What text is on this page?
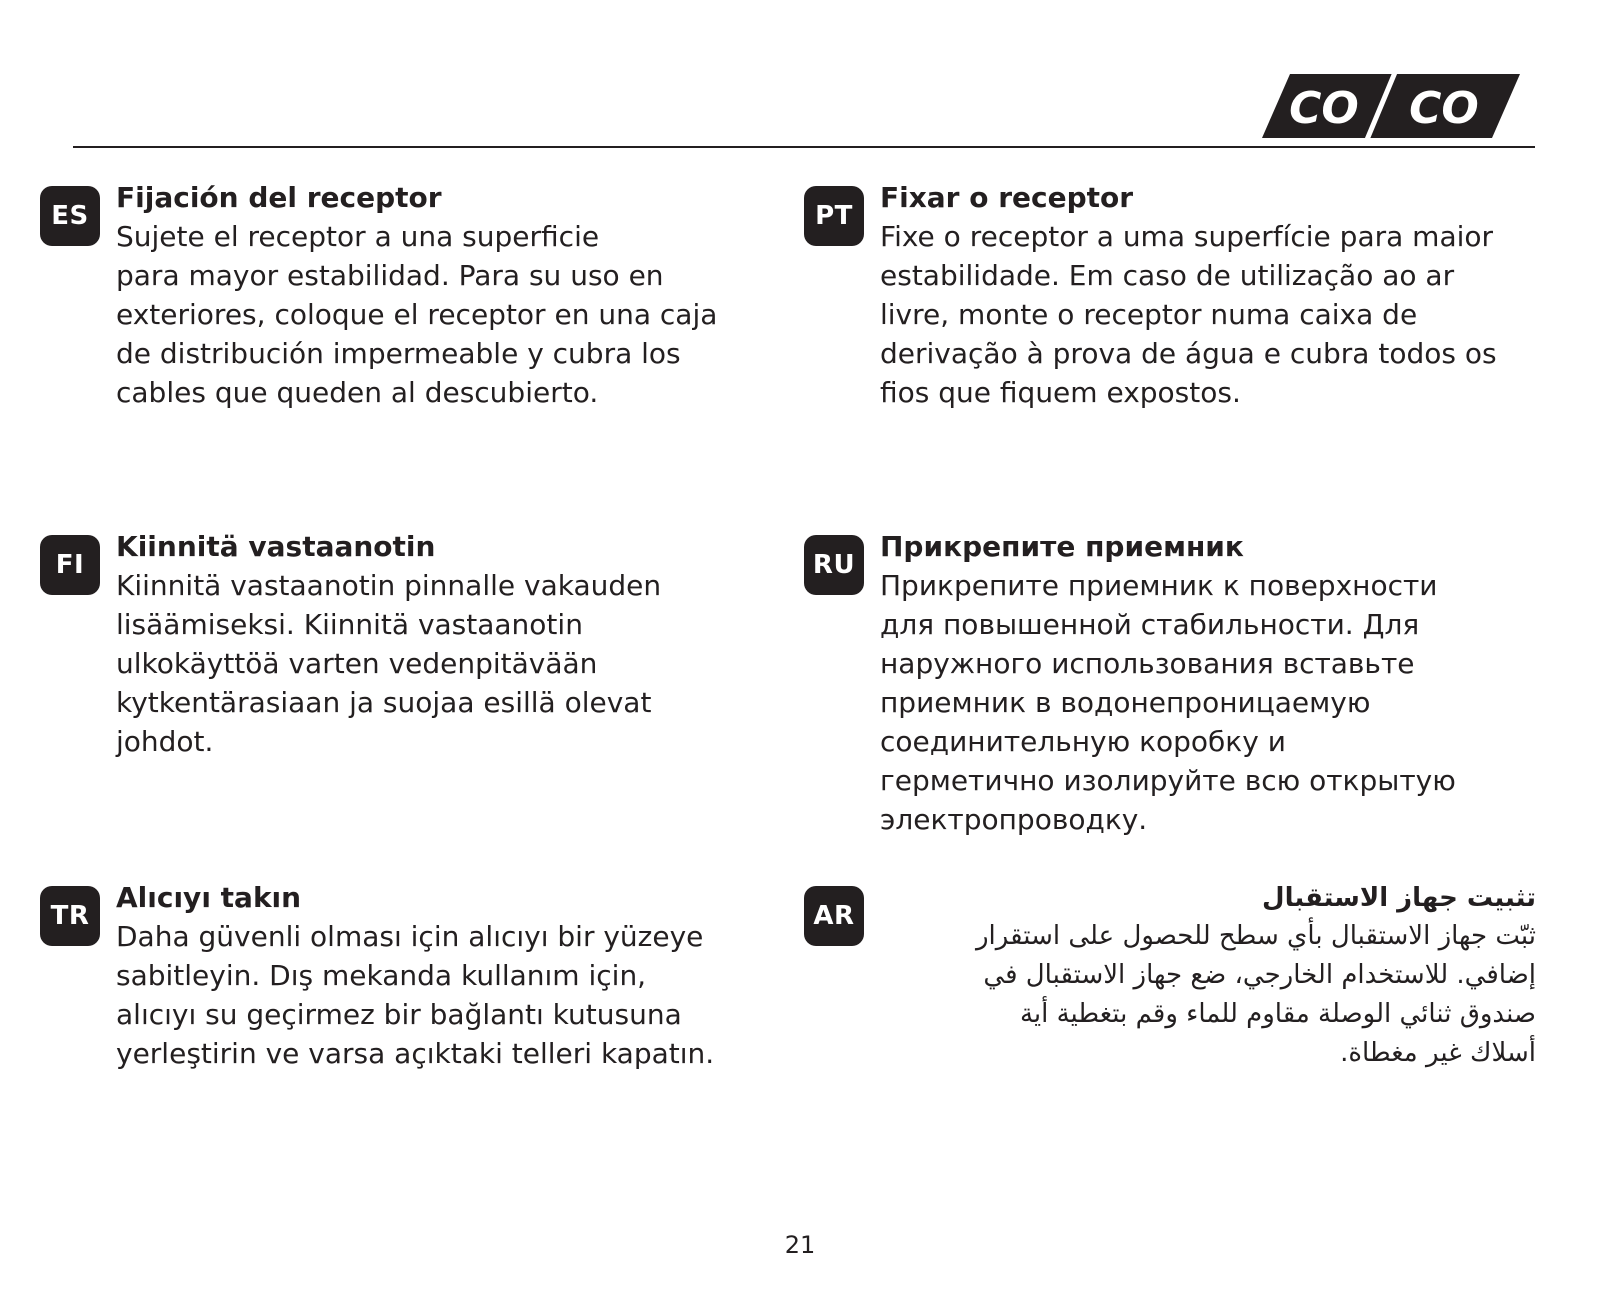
CO CO
ES
Fijación del receptor
Sujete el receptor a una superficie
para mayor estabilidad. Para su uso en
exteriores, coloque el receptor en una caja
de distribución impermeable y cubra los
cables que queden al descubierto.
PT
Fixar o receptor
Fixe o receptor a uma superfície para maior
estabilidade. Em caso de utilização ao ar
livre, monte o receptor numa caixa de
derivação à prova de água e cubra todos os
fios que fiquem expostos.
FI
Kiinnitä vastaanotin
Kiinnitä vastaanotin pinnalle vakauden
lisäämiseksi. Kiinnitä vastaanotin
ulkokäyttöä varten vedenpitävään
kytkentärasiaan ja suojaa esillä olevat
johdot.
RU
Прикрепите приемник
Прикрепите приемник к поверхности
для повышенной стабильности. Для
наружного использования вставьте
приемник в водонепроницаемую
соединительную коробку и
герметично изолируйте всю открытую
электропроводку.
TR
Alıcıyı takın
Daha güvenli olması için alıcıyı bir yüzeye
sabitleyin. Dış mekanda kullanım için,
alıcıyı su geçirmez bir bağlantı kutusuna
yerleştirin ve varsa açıktaki telleri kapatın.
AR
تثبيت جهاز الاستقبال
ثبّت جهاز الاستقبال بأي سطح للحصول على استقرار
إضافي. للاستخدام الخارجي، ضع جهاز الاستقبال في
صندوق ثنائي الوصلة مقاوم للماء وقم بتغطية أية
أسلاك غير مغطاة.
21
